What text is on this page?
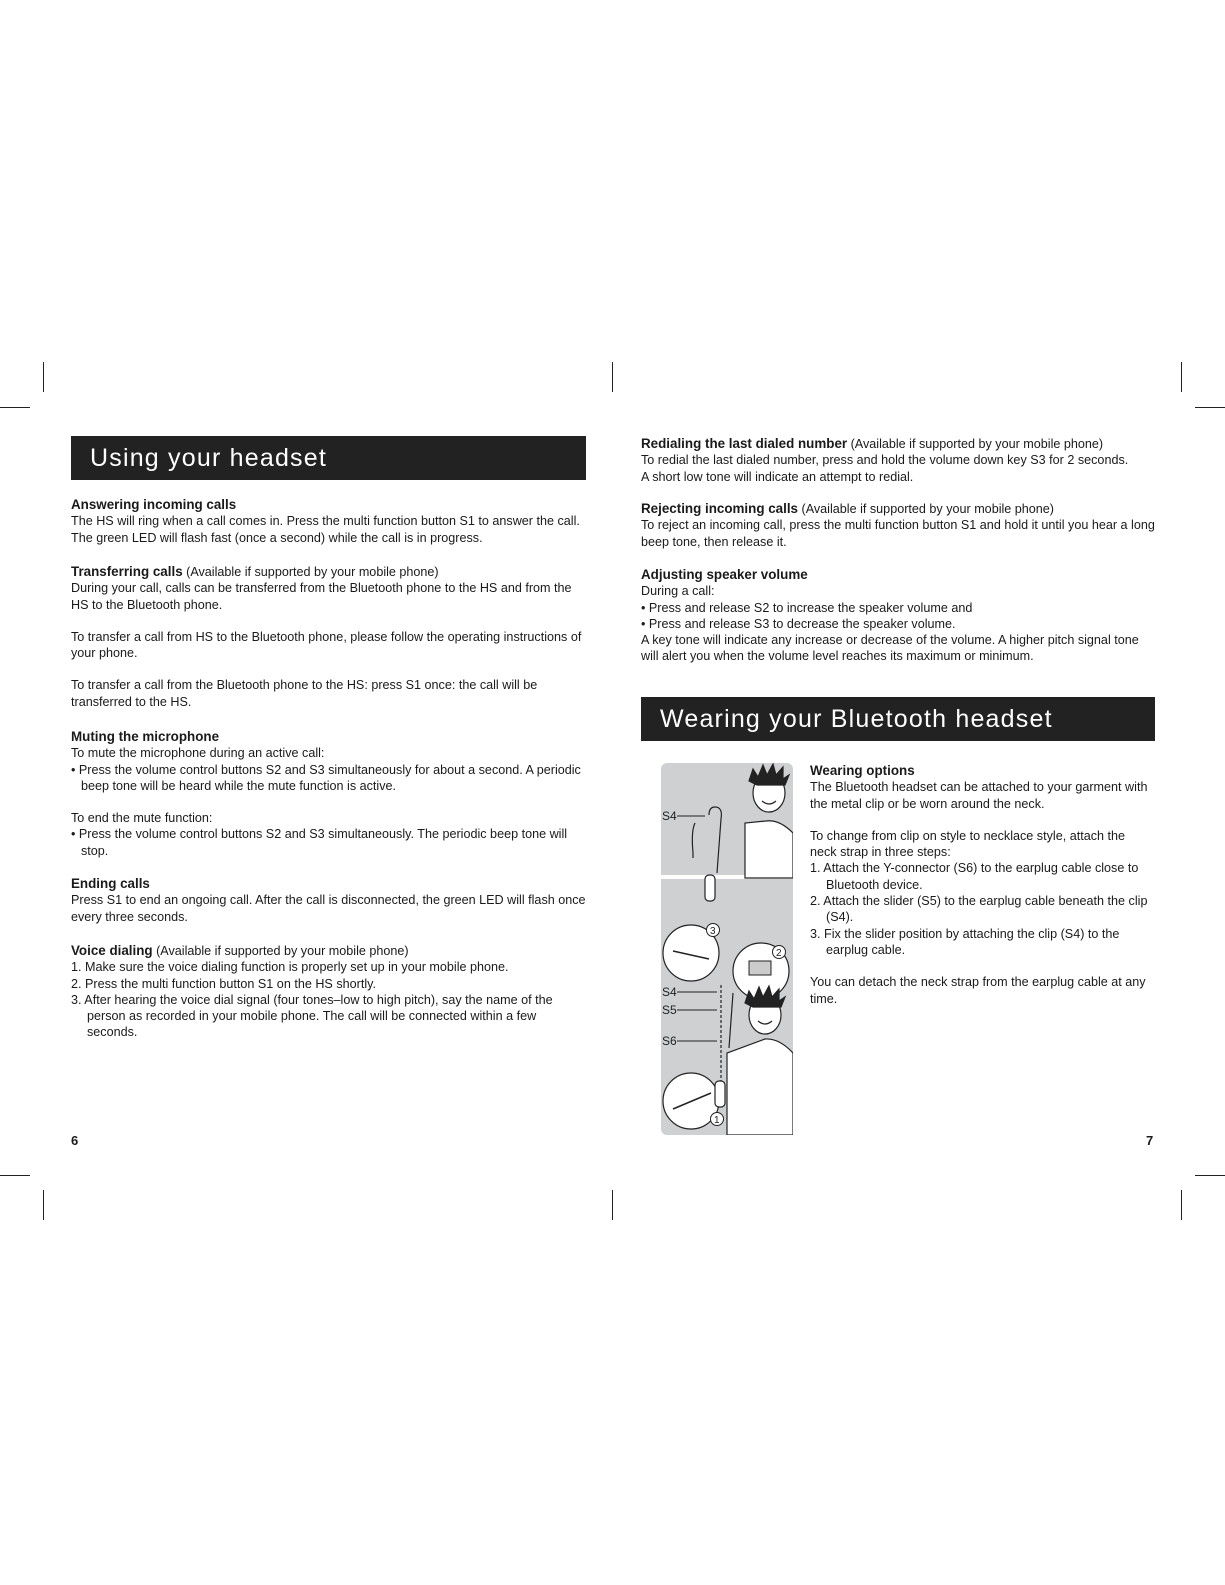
Using your headset
Answering incoming calls

The HS will ring when a call comes in. Press the multi function button S1 to answer the call. The green LED will flash fast (once a second) while the call is in progress.

Transferring calls (Available if supported by your mobile phone)

During your call, calls can be transferred from the Bluetooth phone to the HS and from the HS to the Bluetooth phone.

To transfer a call from HS to the Bluetooth phone, please follow the operating instructions of your phone.

To transfer a call from the Bluetooth phone to the HS: press S1 once: the call will be transferred to the HS.

Muting the microphone

To mute the microphone during an active call:

• Press the volume control buttons S2 and S3 simultaneously for about a second. A periodic beep tone will be heard while the mute function is active.

To end the mute function:

• Press the volume control buttons S2 and S3 simultaneously. The periodic beep tone will stop.

Ending calls

Press S1 to end an ongoing call. After the call is disconnected, the green LED will flash once every three seconds.

Voice dialing (Available if supported by your mobile phone)

1. Make sure the voice dialing function is properly set up in your mobile phone.

2. Press the multi function button S1 on the HS shortly.

3. After hearing the voice dial signal (four tones–low to high pitch), say the name of the person as recorded in your mobile phone. The call will be connected within a few seconds.

6
Redialing the last dialed number (Available if supported by your mobile phone)

To redial the last dialed number, press and hold the volume down key S3 for 2 seconds.

A short low tone will indicate an attempt to redial.

Rejecting incoming calls (Available if supported by your mobile phone)

To reject an incoming call, press the multi function button S1 and hold it until you hear a long beep tone, then release it.

Adjusting speaker volume

During a call:

• Press and release S2 to increase the speaker volume and

• Press and release S3 to decrease the speaker volume.

A key tone will indicate any increase or decrease of the volume. A higher pitch signal tone will alert you when the volume level reaches its maximum or minimum.

Wearing your Bluetooth headset
Wearing options

The Bluetooth headset can be attached to your garment with the metal clip or be worn around the neck.

To change from clip on style to necklace style, attach the neck strap in three steps:

1. Attach the Y-connector (S6) to the earplug cable close to Bluetooth device.

2. Attach the slider (S5) to the earplug cable beneath the clip (S4).

3. Fix the slider position by attaching the clip (S4) to the earplug cable.

You can detach the neck strap from the earplug cable at any time.

S4
S4
S5
S6
3
2
1
7
